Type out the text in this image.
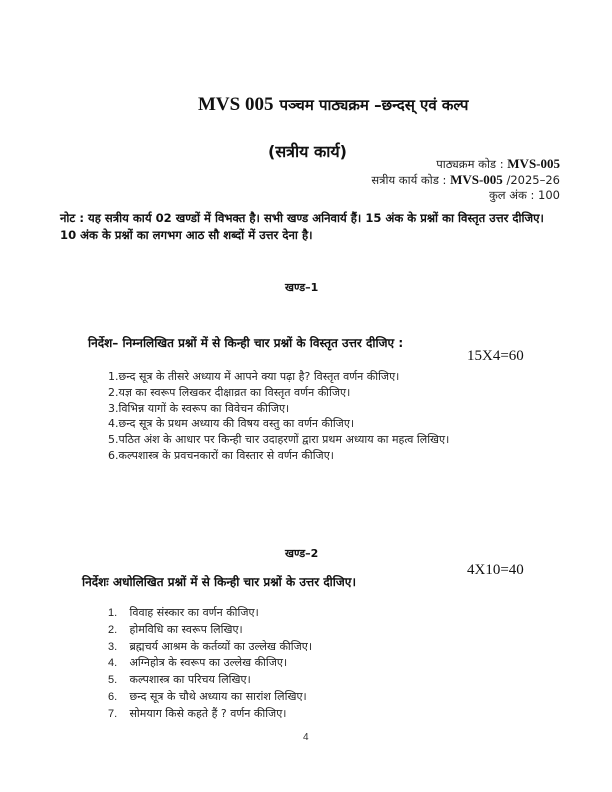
MVS 005 पञ्चम पाठ्यक्रम –छन्दस् एवं कल्प
(सत्रीय कार्य)
पाठ्यक्रम कोड : MVS-005
सत्रीय कार्य कोड : MVS-005 /2025–26
कुल अंक : 100
नोट : यह सत्रीय कार्य 02 खण्डों में विभक्त है। सभी खण्ड अनिवार्य हैं। 15 अंक के प्रश्नों का विस्तृत उत्तर दीजिए। 10 अंक के प्रश्नों का लगभग आठ सौ शब्दों में उत्तर देना है।
खण्ड–1
निर्देश– निम्नलिखित प्रश्नों में से किन्ही चार प्रश्नों के विस्तृत उत्तर दीजिए :
15X4=60
1.छन्द सूत्र के तीसरे अध्याय में आपने क्या पढ़ा है? विस्तृत वर्णन कीजिए।
2.यज्ञ का स्वरूप लिखकर दीक्षाव्रत का विस्तृत वर्णन कीजिए।
3.विभिन्न यागों के स्वरूप का विवेचन कीजिए।
4.छन्द सूत्र के प्रथम अध्याय की विषय वस्तु का वर्णन कीजिए।
5.पठित अंश के आधार पर किन्ही चार उदाहरणों द्वारा प्रथम अध्याय का महत्व लिखिए।
6.कल्पशास्त्र के प्रवचनकारों का विस्तार से वर्णन कीजिए।
खण्ड–2
4X10=40
निर्देशः अधोलिखित प्रश्नों में से किन्ही चार प्रश्नों के उत्तर दीजिए।
1. विवाह संस्कार का वर्णन कीजिए।
2. होमविधि का स्वरूप लिखिए।
3. ब्रह्मचर्य आश्रम के कर्तव्यों का उल्लेख कीजिए।
4. अग्निहोत्र के स्वरूप का उल्लेख कीजिए।
5. कल्पशास्त्र का परिचय लिखिए।
6. छन्द सूत्र के चौथे अध्याय का सारांश लिखिए।
7. सोमयाग किसे कहते हैं ? वर्णन कीजिए।
4
